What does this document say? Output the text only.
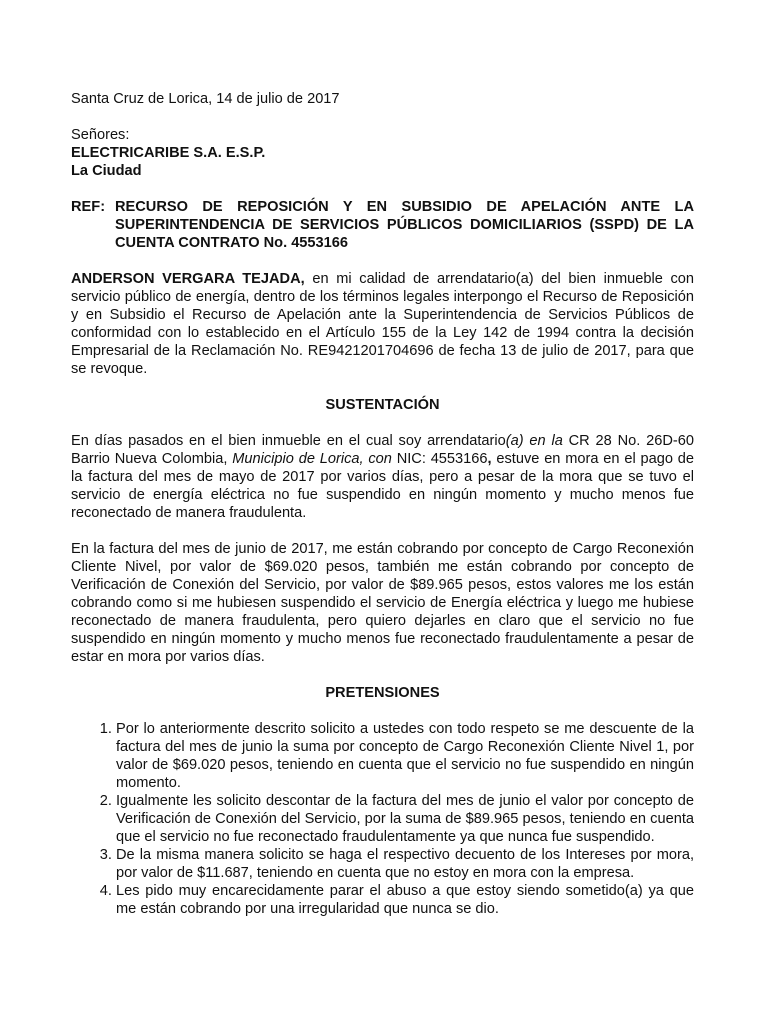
Santa Cruz de Lorica, 14 de julio de 2017

Señores:

ELECTRICARIBE S.A. E.S.P.

La Ciudad

REF: RECURSO DE REPOSICIÓN Y EN SUBSIDIO DE APELACIÓN ANTE LA SUPERINTENDENCIA DE SERVICIOS PÚBLICOS DOMICILIARIOS (SSPD) DE LA CUENTA CONTRATO No. 4553166

ANDERSON VERGARA TEJADA, en mi calidad de arrendatario(a) del bien inmueble con servicio público de energía, dentro de los términos legales interpongo el Recurso de Reposición y en Subsidio el Recurso de Apelación ante la Superintendencia de Servicios Públicos de conformidad con lo establecido en el Artículo 155 de la Ley 142 de 1994 contra la decisión Empresarial de la Reclamación No. RE9421201704696 de fecha 13 de julio de 2017, para que se revoque.

SUSTENTACIÓN

En días pasados en el bien inmueble en el cual soy arrendatario(a) en la CR 28 No. 26D-60 Barrio Nueva Colombia, Municipio de Lorica, con NIC: 4553166, estuve en mora en el pago de la factura del mes de mayo de 2017 por varios días, pero a pesar de la mora que se tuvo el servicio de energía eléctrica no fue suspendido en ningún momento y mucho menos fue reconectado de manera fraudulenta.

En la factura del mes de junio de 2017, me están cobrando por concepto de Cargo Reconexión Cliente Nivel, por valor de $69.020 pesos, también me están cobrando por concepto de Verificación de Conexión del Servicio, por valor de $89.965 pesos, estos valores me los están cobrando como si me hubiesen suspendido el servicio de Energía eléctrica y luego me hubiese reconectado de manera fraudulenta, pero quiero dejarles en claro que el servicio no fue suspendido en ningún momento y mucho menos fue reconectado fraudulentamente a pesar de estar en mora por varios días.

PRETENSIONES

1. Por lo anteriormente descrito solicito a ustedes con todo respeto se me descuente de la factura del mes de junio la suma por concepto de Cargo Reconexión Cliente Nivel 1, por valor de $69.020 pesos, teniendo en cuenta que el servicio no fue suspendido en ningún momento.
2. Igualmente les solicito descontar de la factura del mes de junio el valor por concepto de Verificación de Conexión del Servicio, por la suma de $89.965 pesos, teniendo en cuenta que el servicio no fue reconectado fraudulentamente ya que nunca fue suspendido.
3. De la misma manera solicito se haga el respectivo decuento de los Intereses por mora, por valor de $11.687, teniendo en cuenta que no estoy en mora con la empresa.
4. Les pido muy encarecidamente parar el abuso a que estoy siendo sometido(a) ya que me están cobrando por una irregularidad que nunca se dio.
